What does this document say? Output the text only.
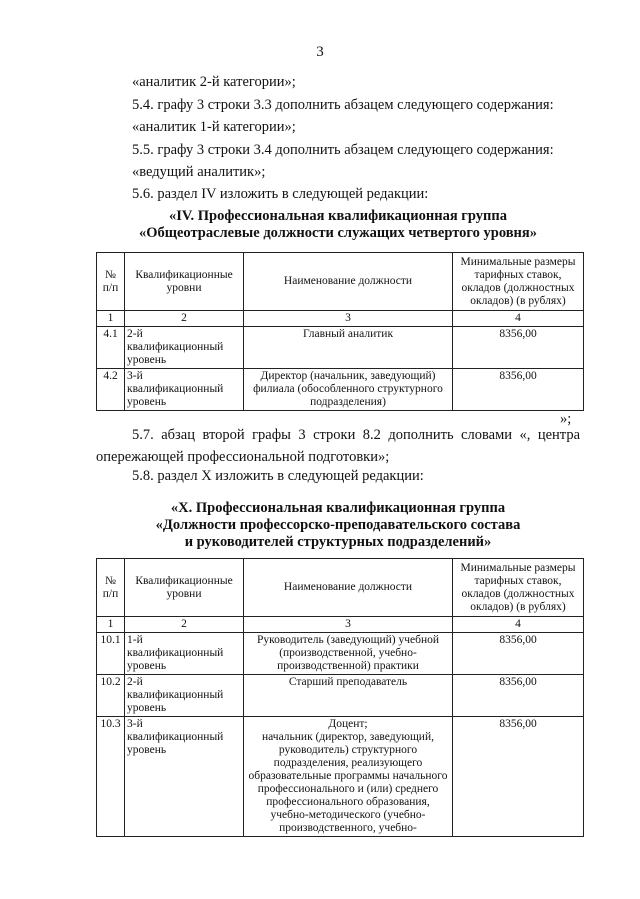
3
«аналитик 2-й категории»;
5.4. графу 3 строки 3.3 дополнить абзацем следующего содержания:
«аналитик 1-й категории»;
5.5. графу 3 строки 3.4 дополнить абзацем следующего содержания:
«ведущий аналитик»;
5.6. раздел IV изложить в следующей редакции:
«IV. Профессиональная квалификационная группа
«Общеотраслевые должности служащих четвертого уровня»
№ п/п	Квалификационные уровни	Наименование должности	Минимальные размеры тарифных ставок, окладов (должностных окладов) (в рублях)
1	2	3	4
4.1	2-й квалификационный уровень	Главный аналитик	8356,00
4.2	3-й квалификационный уровень	Директор (начальник, заведующий) филиала (обособленного структурного подразделения)	8356,00
»;
5.7. абзац второй графы 3 строки 8.2 дополнить словами «, центра опережающей профессиональной подготовки»;
5.8. раздел X изложить в следующей редакции:
«X. Профессиональная квалификационная группа
«Должности профессорско-преподавательского состава
и руководителей структурных подразделений»
№ п/п	Квалификационные уровни	Наименование должности	Минимальные размеры тарифных ставок, окладов (должностных окладов) (в рублях)
1	2	3	4
10.1	1-й квалификационный уровень	Руководитель (заведующий) учебной (производственной, учебно-производственной) практики	8356,00
10.2	2-й квалификационный уровень	Старший преподаватель	8356,00
10.3	3-й квалификационный уровень	Доцент;
начальник (директор, заведующий, руководитель) структурного подразделения, реализующего образовательные программы начального профессионального и (или) среднего профессионального образования, учебно-методического (учебно-производственного, учебно-	8356,00
